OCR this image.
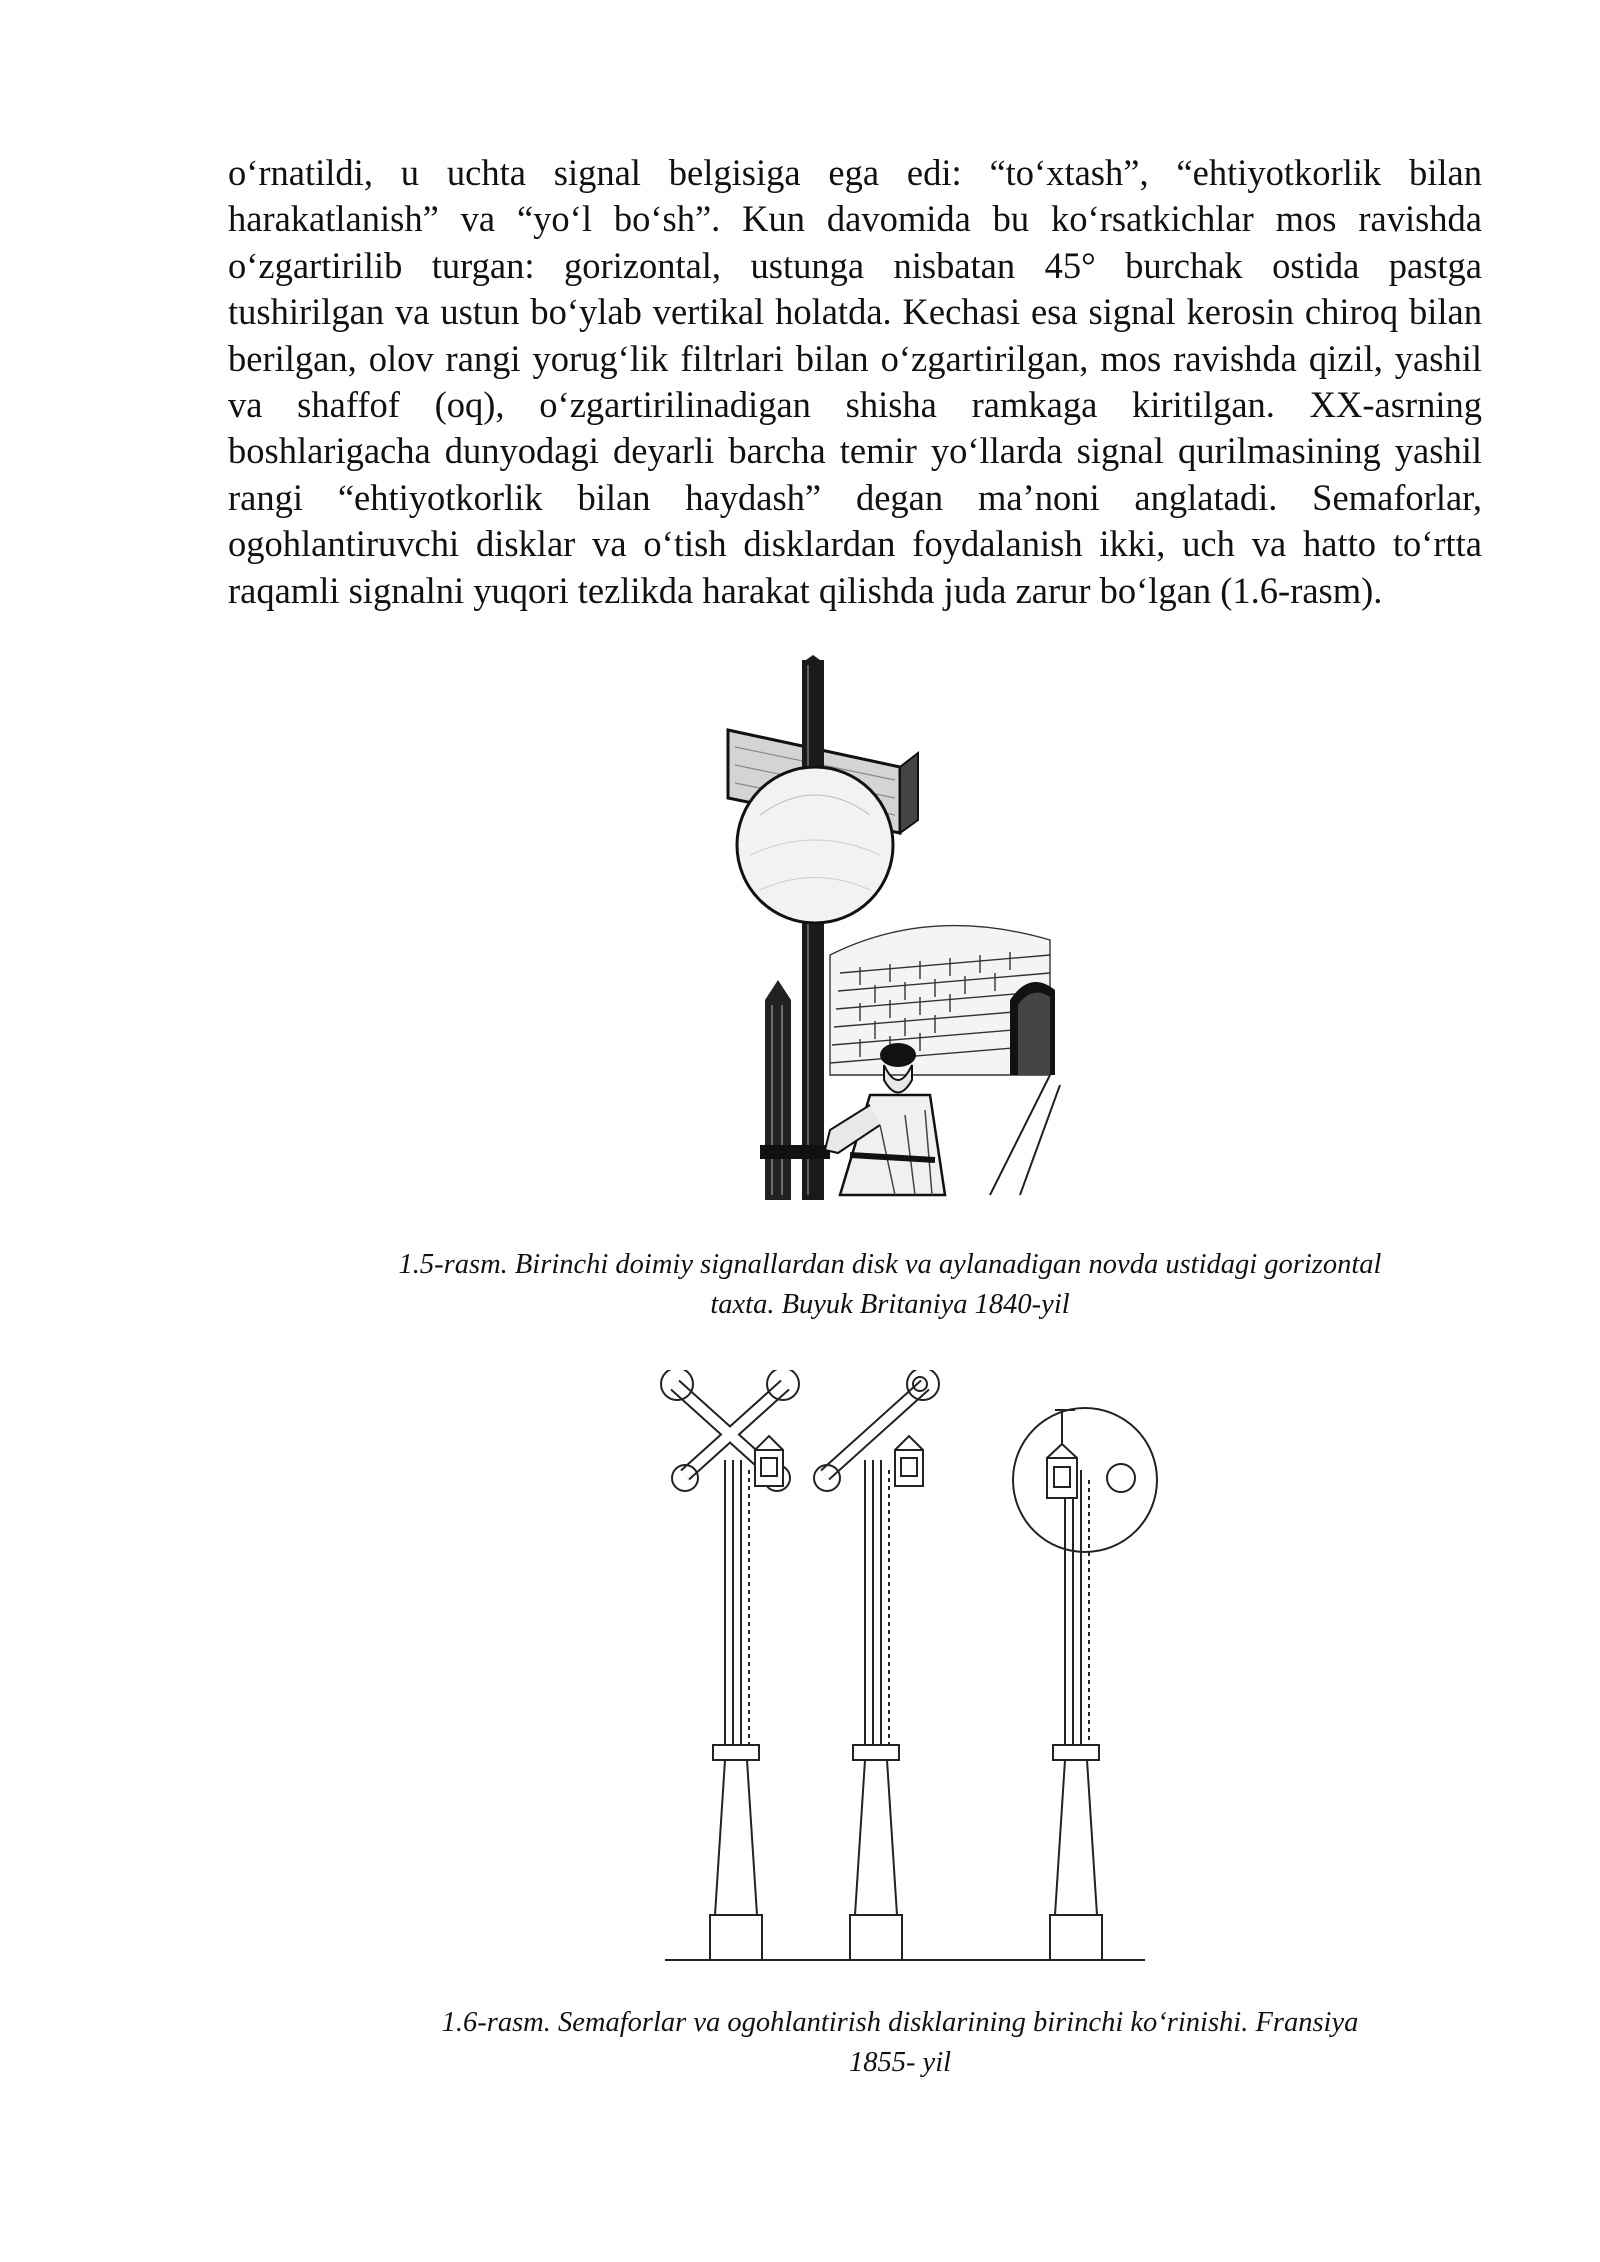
o‘rnatildi, u uchta signal belgisiga ega edi: “to‘xtash”, “ehtiyotkorlik bilan harakatlanish” va “yo‘l bo‘sh”. Kun davomida bu ko‘rsatkichlar mos ravishda o‘zgartirilib turgan: gorizontal, ustunga nisbatan 45° burchak ostida pastga tushirilgan va ustun bo‘ylab vertikal holatda. Kechasi esa signal kerosin chiroq bilan berilgan, olov rangi yorug‘lik filtrlari bilan o‘zgartirilgan, mos ravishda qizil, yashil va shaffof (oq), o‘zgartirilinadigan shisha ramkaga kiritilgan. XX-asrning boshlarigacha dunyodagi deyarli barcha temir yo‘llarda signal qurilmasining yashil rangi “ehtiyotkorlik bilan haydash” degan ma’noni anglatadi. Semaforlar, ogohlantiruvchi disklar va o‘tish disklardan foydalanish ikki, uch va hatto to‘rtta raqamli signalni yuqori tezlikda harakat qilishda juda zarur bo‘lgan (1.6-rasm).

1.5-rasm. Birinchi doimiy signallardan disk va aylanadigan novda ustidagi gorizontal
taxta. Buyuk Britaniya 1840-yil

1.6-rasm. Semaforlar va ogohlantirish disklarining birinchi ko‘rinishi. Fransiya
1855- yil
